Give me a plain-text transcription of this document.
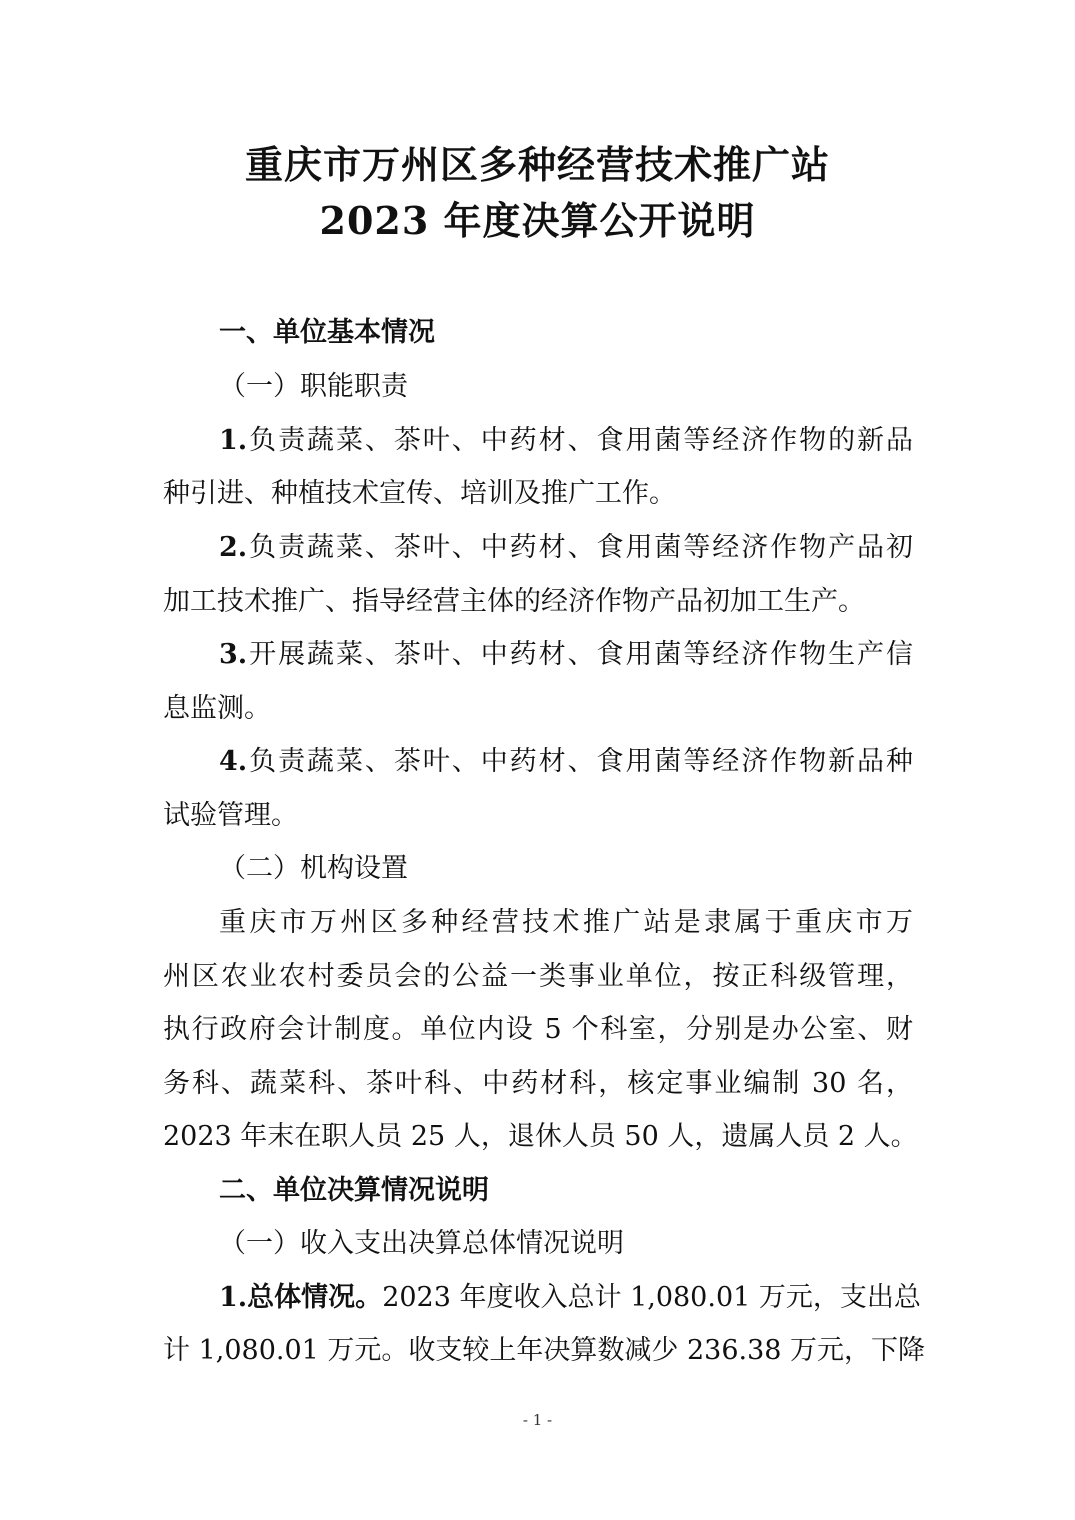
重庆市万州区多种经营技术推广站
2023 年度决算公开说明
一、单位基本情况
（一）职能职责
1.负责蔬菜、茶叶、中药材、食用菌等经济作物的新品
种引进、种植技术宣传、培训及推广工作。
2.负责蔬菜、茶叶、中药材、食用菌等经济作物产品初
加工技术推广、指导经营主体的经济作物产品初加工生产。
3.开展蔬菜、茶叶、中药材、食用菌等经济作物生产信
息监测。
4.负责蔬菜、茶叶、中药材、食用菌等经济作物新品种
试验管理。
（二）机构设置
重庆市万州区多种经营技术推广站是隶属于重庆市万
州区农业农村委员会的公益一类事业单位，按正科级管理，
执行政府会计制度。单位内设 5 个科室，分别是办公室、财
务科、蔬菜科、茶叶科、中药材科，核定事业编制 30 名，
2023 年末在职人员 25 人，退休人员 50 人，遗属人员 2 人。
二、单位决算情况说明
（一）收入支出决算总体情况说明
1.总体情况。2023 年度收入总计 1,080.01 万元，支出总
计 1,080.01 万元。收支较上年决算数减少 236.38 万元，下降
- 1 -
